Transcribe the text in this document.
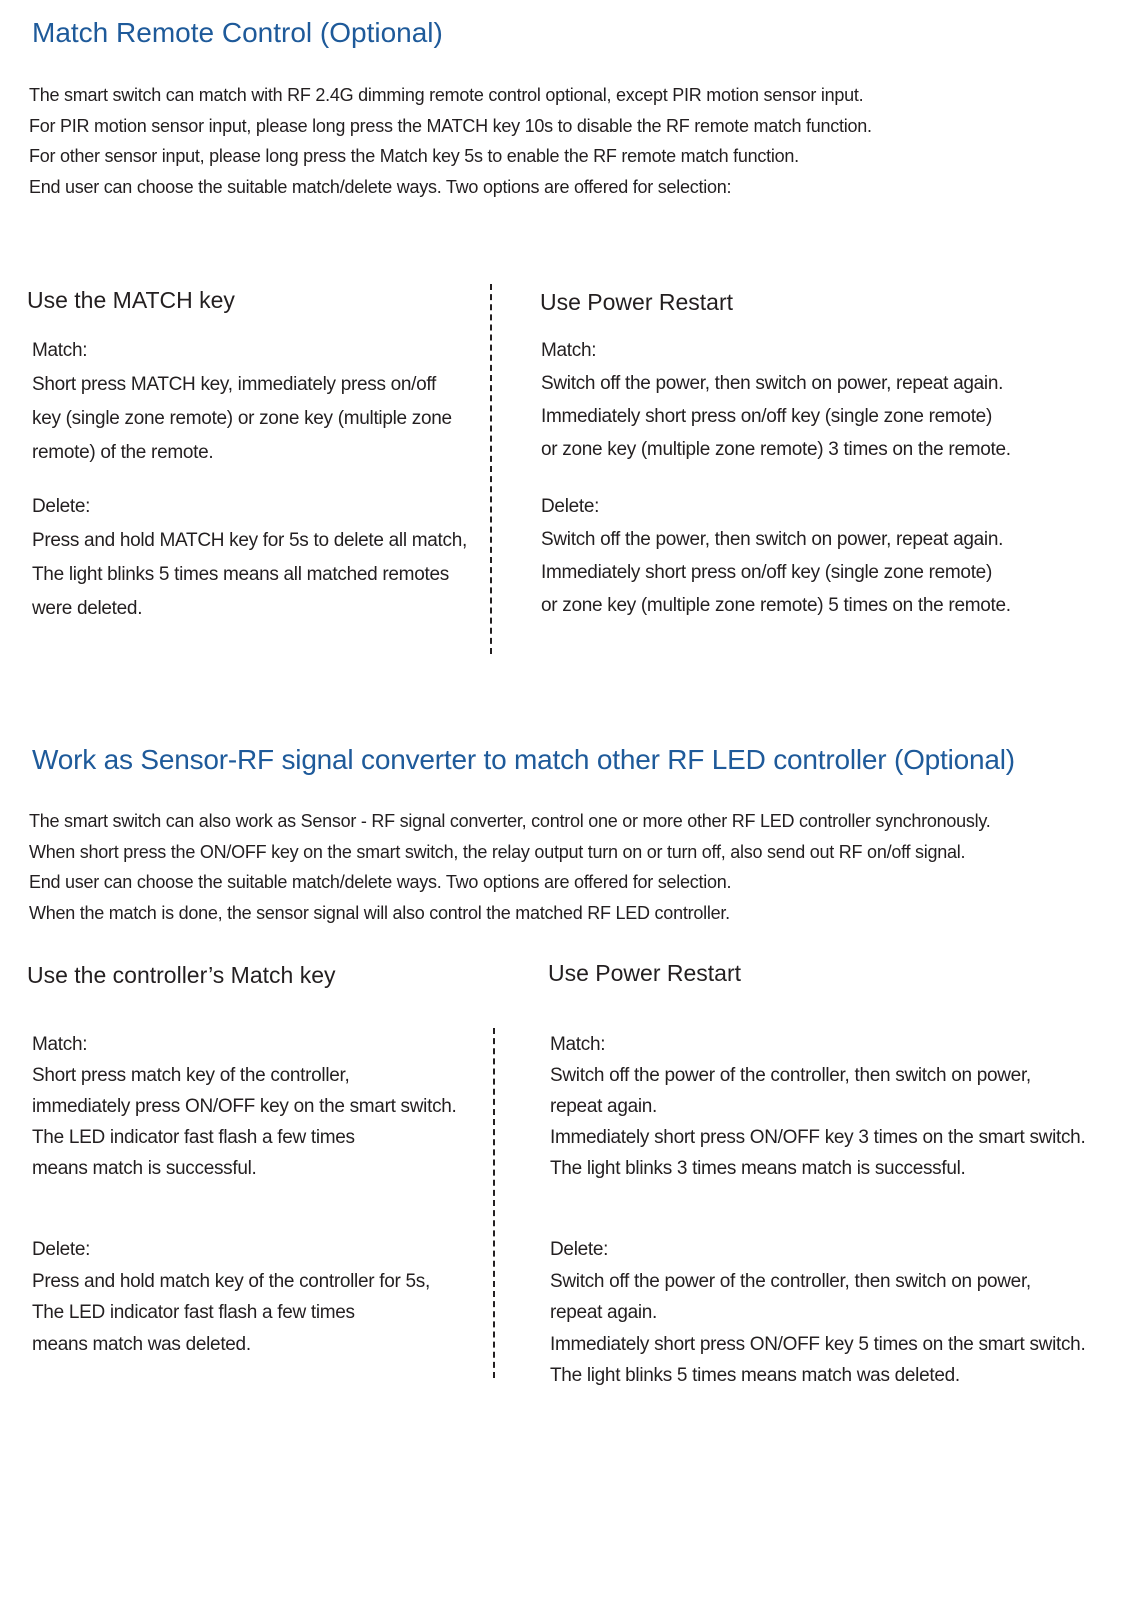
Match Remote Control (Optional)
The smart switch can match with RF 2.4G dimming remote control optional, except PIR motion sensor input.
For PIR motion sensor input, please long press the MATCH key 10s to disable the RF remote match function.
For other sensor input, please long press the Match key 5s to enable the RF remote match function.
End user can choose the suitable match/delete ways. Two options are offered for selection:
Use the MATCH key	Use Power Restart
Match:
Short press MATCH key, immediately press on/off
key (single zone remote) or zone key (multiple zone
remote) of the remote.
Delete:
Press and hold MATCH key for 5s to delete all match,
The light blinks 5 times means all matched remotes
were deleted.
Match:
Switch off the power, then switch on power, repeat again.
Immediately short press on/off key (single zone remote)
or zone key (multiple zone remote) 3 times on the remote.
Delete:
Switch off the power, then switch on power, repeat again.
Immediately short press on/off key (single zone remote)
or zone key (multiple zone remote) 5 times on the remote.
Work as Sensor-RF signal converter to match other RF LED controller (Optional)
The smart switch can also work as Sensor - RF signal converter, control one or more other RF LED controller synchronously.
When short press the ON/OFF key on the smart switch, the relay output turn on or turn off, also send out RF on/off signal.
End user can choose the suitable match/delete ways. Two options are offered for selection.
When the match is done, the sensor signal will also control the matched RF LED controller.
Use the controller’s Match key	Use Power Restart
Match:
Short press match key of the controller,
immediately press ON/OFF key on the smart switch.
The LED indicator fast flash a few times
means match is successful.
Delete:
Press and hold match key of the controller for 5s,
The LED indicator fast flash a few times
means match was deleted.
Match:
Switch off the power of the controller, then switch on power,
repeat again.
Immediately short press ON/OFF key 3 times on the smart switch.
The light blinks 3 times means match is successful.
Delete:
Switch off the power of the controller, then switch on power,
repeat again.
Immediately short press ON/OFF key 5 times on the smart switch.
The light blinks 5 times means match was deleted.
